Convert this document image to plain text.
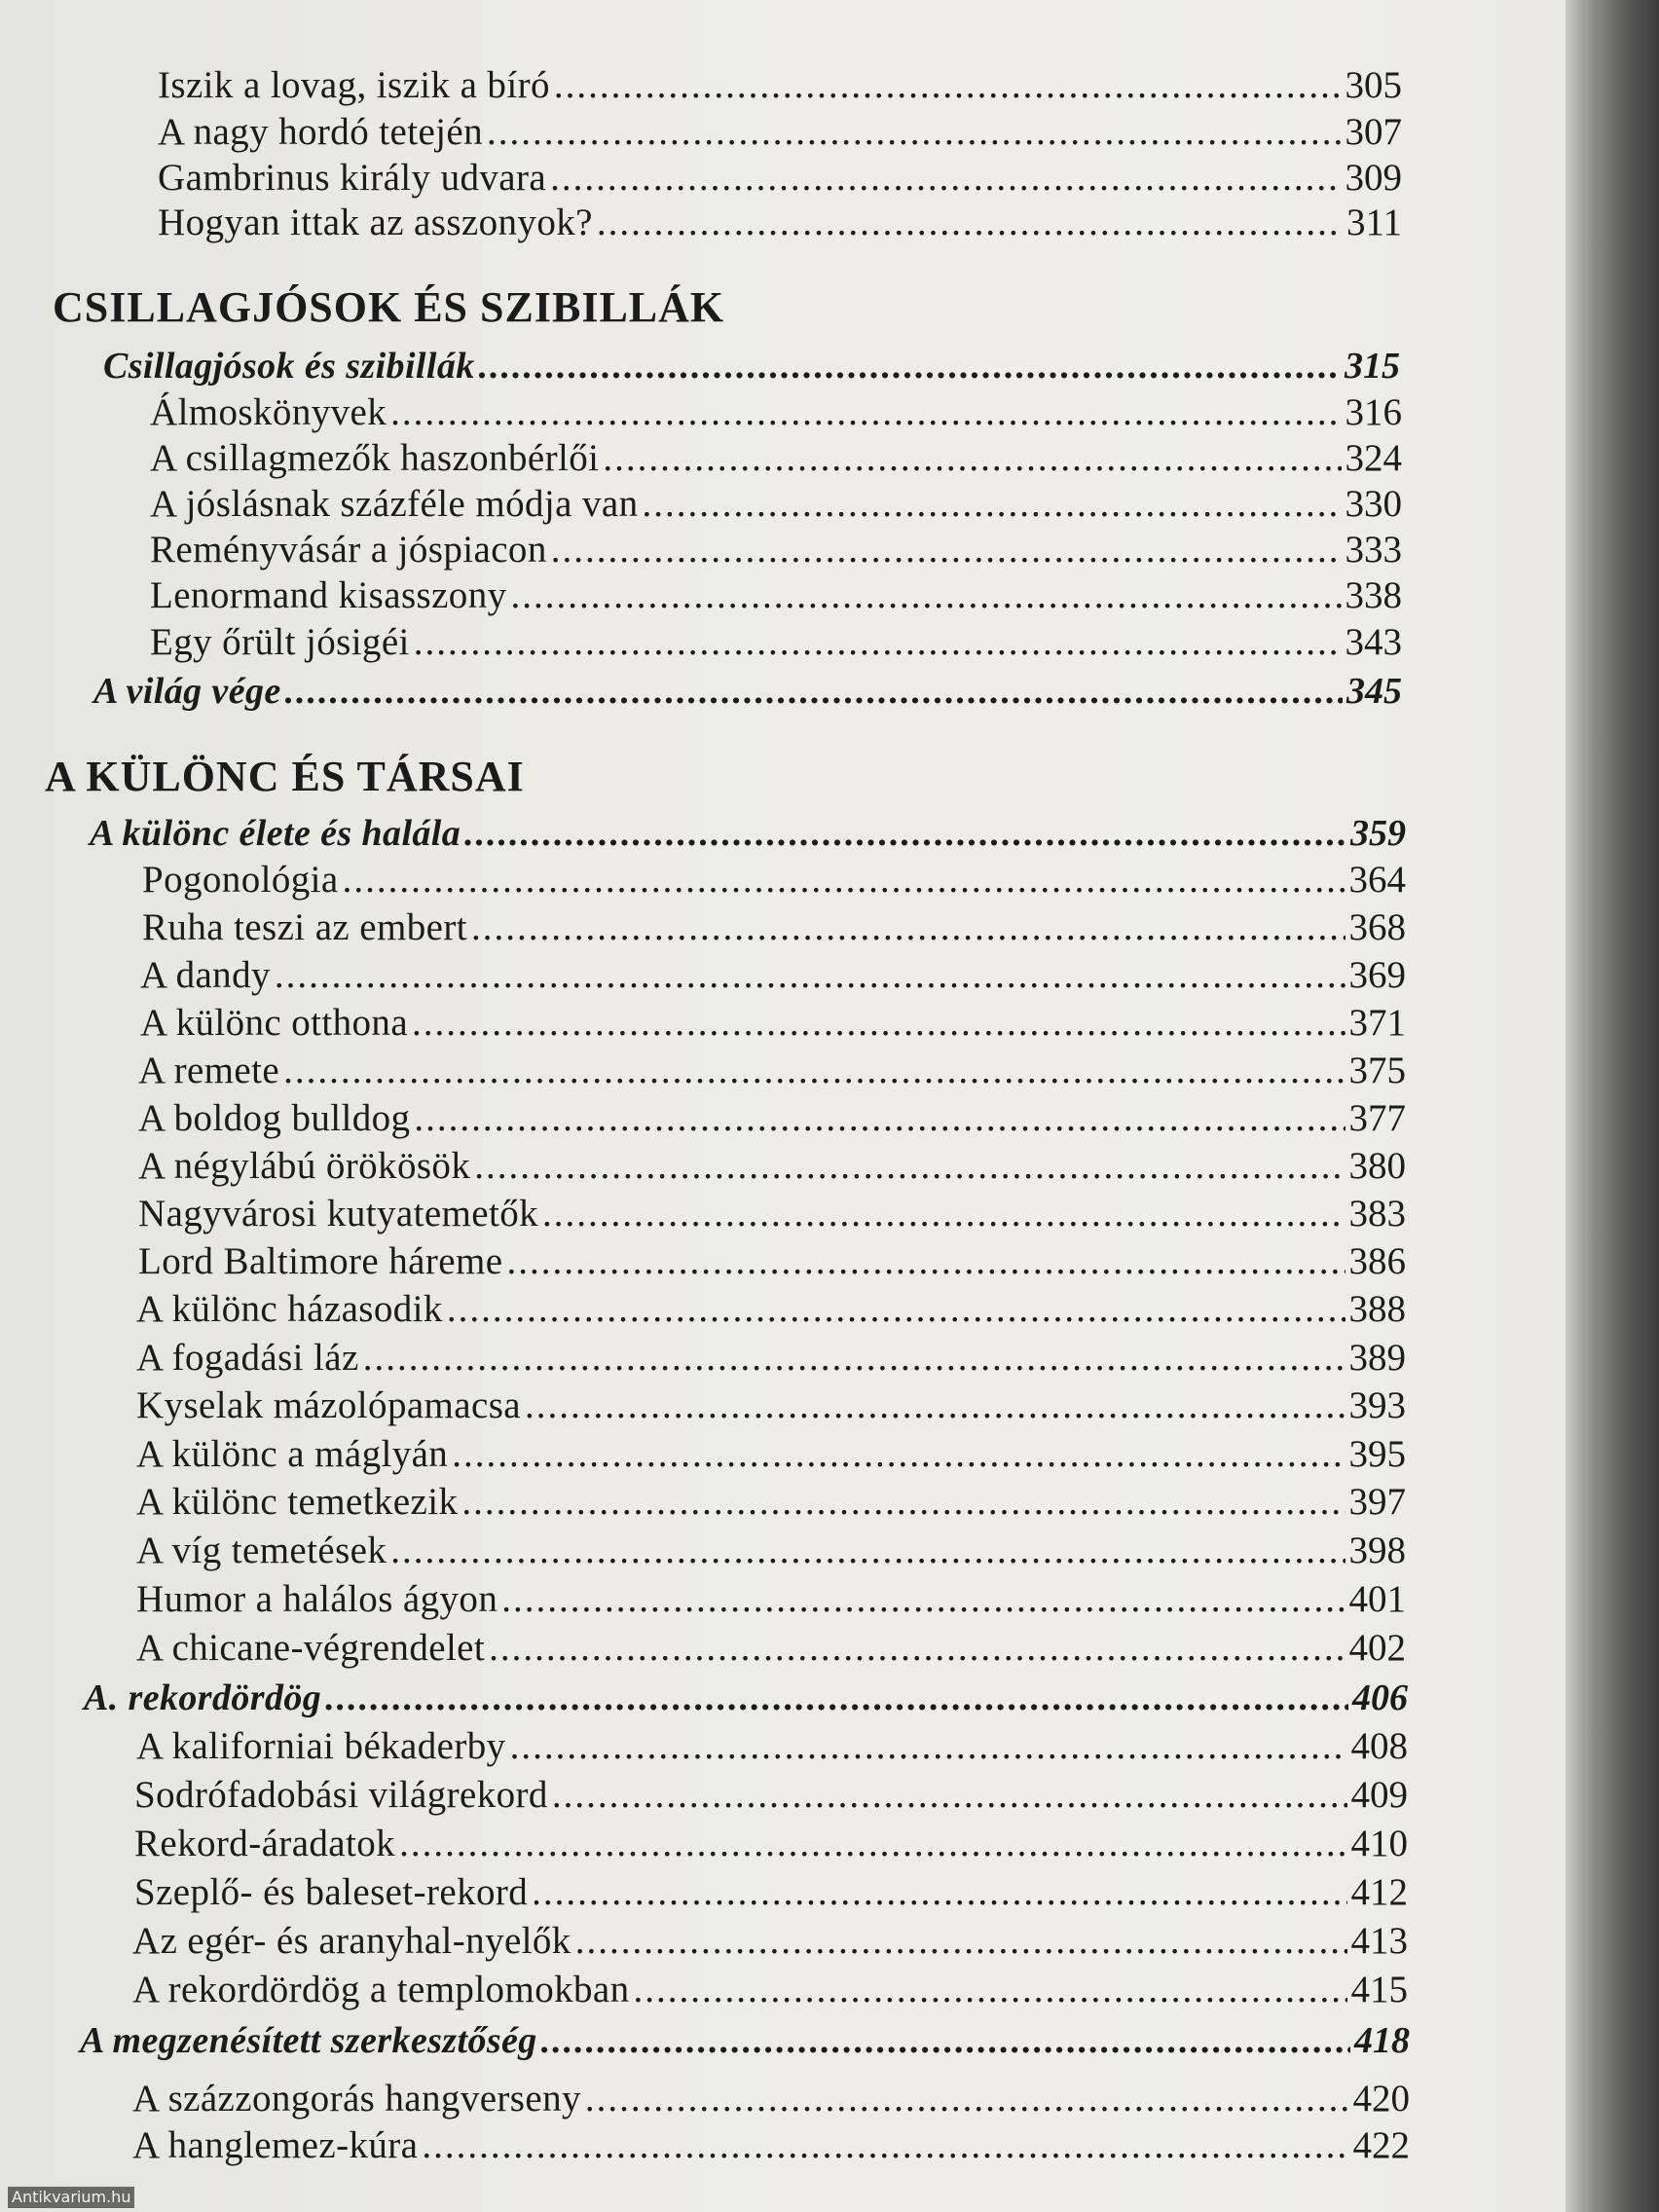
Iszik a lovag, iszik a bíró .....	305
A nagy hordó tetején .....	307
Gambrinus király udvara .....	309
Hogyan ittak az asszonyok? .....	311
CSILLAGJÓSOK ÉS SZIBILLÁK
Csillagjósok és szibillák .....	315
Álmoskönyvek .....	316
A csillagmezők haszonbérlői .....	324
A jóslásnak százféle módja van .....	330
Reményvásár a jóspiacon .....	333
Lenormand kisasszony .....	338
Egy őrült jósigéi .....	343
A világ vége .....	345
A KÜLÖNC ÉS TÁRSAI
A különc élete és halála .....	359
Pogonológia .....	364
Ruha teszi az embert .....	368
A dandy .....	369
A különc otthona .....	371
A remete .....	375
A boldog bulldog .....	377
A négylábú örökösök .....	380
Nagyvárosi kutyatemetők .....	383
Lord Baltimore háreme .....	386
A különc házasodik .....	388
A fogadási láz .....	389
Kyselak mázolópamacsa .....	393
A különc a máglyán .....	395
A különc temetkezik .....	397
A víg temetések .....	398
Humor a halálos ágyon .....	401
A chicane-végrendelet .....	402
A. rekordördög .....	406
A kaliforniai békaderby .....	408
Sodrófadobási világrekord .....	409
Rekord-áradatok .....	410
Szeplő- és baleset-rekord .....	412
Az egér- és aranyhal-nyelők .....	413
A rekordördög a templomokban .....	415
A megzenésített szerkesztőség .....	418
A százzongorás hangverseny .....	420
A hanglemez-kúra .....	422
Antikvarium.hu
